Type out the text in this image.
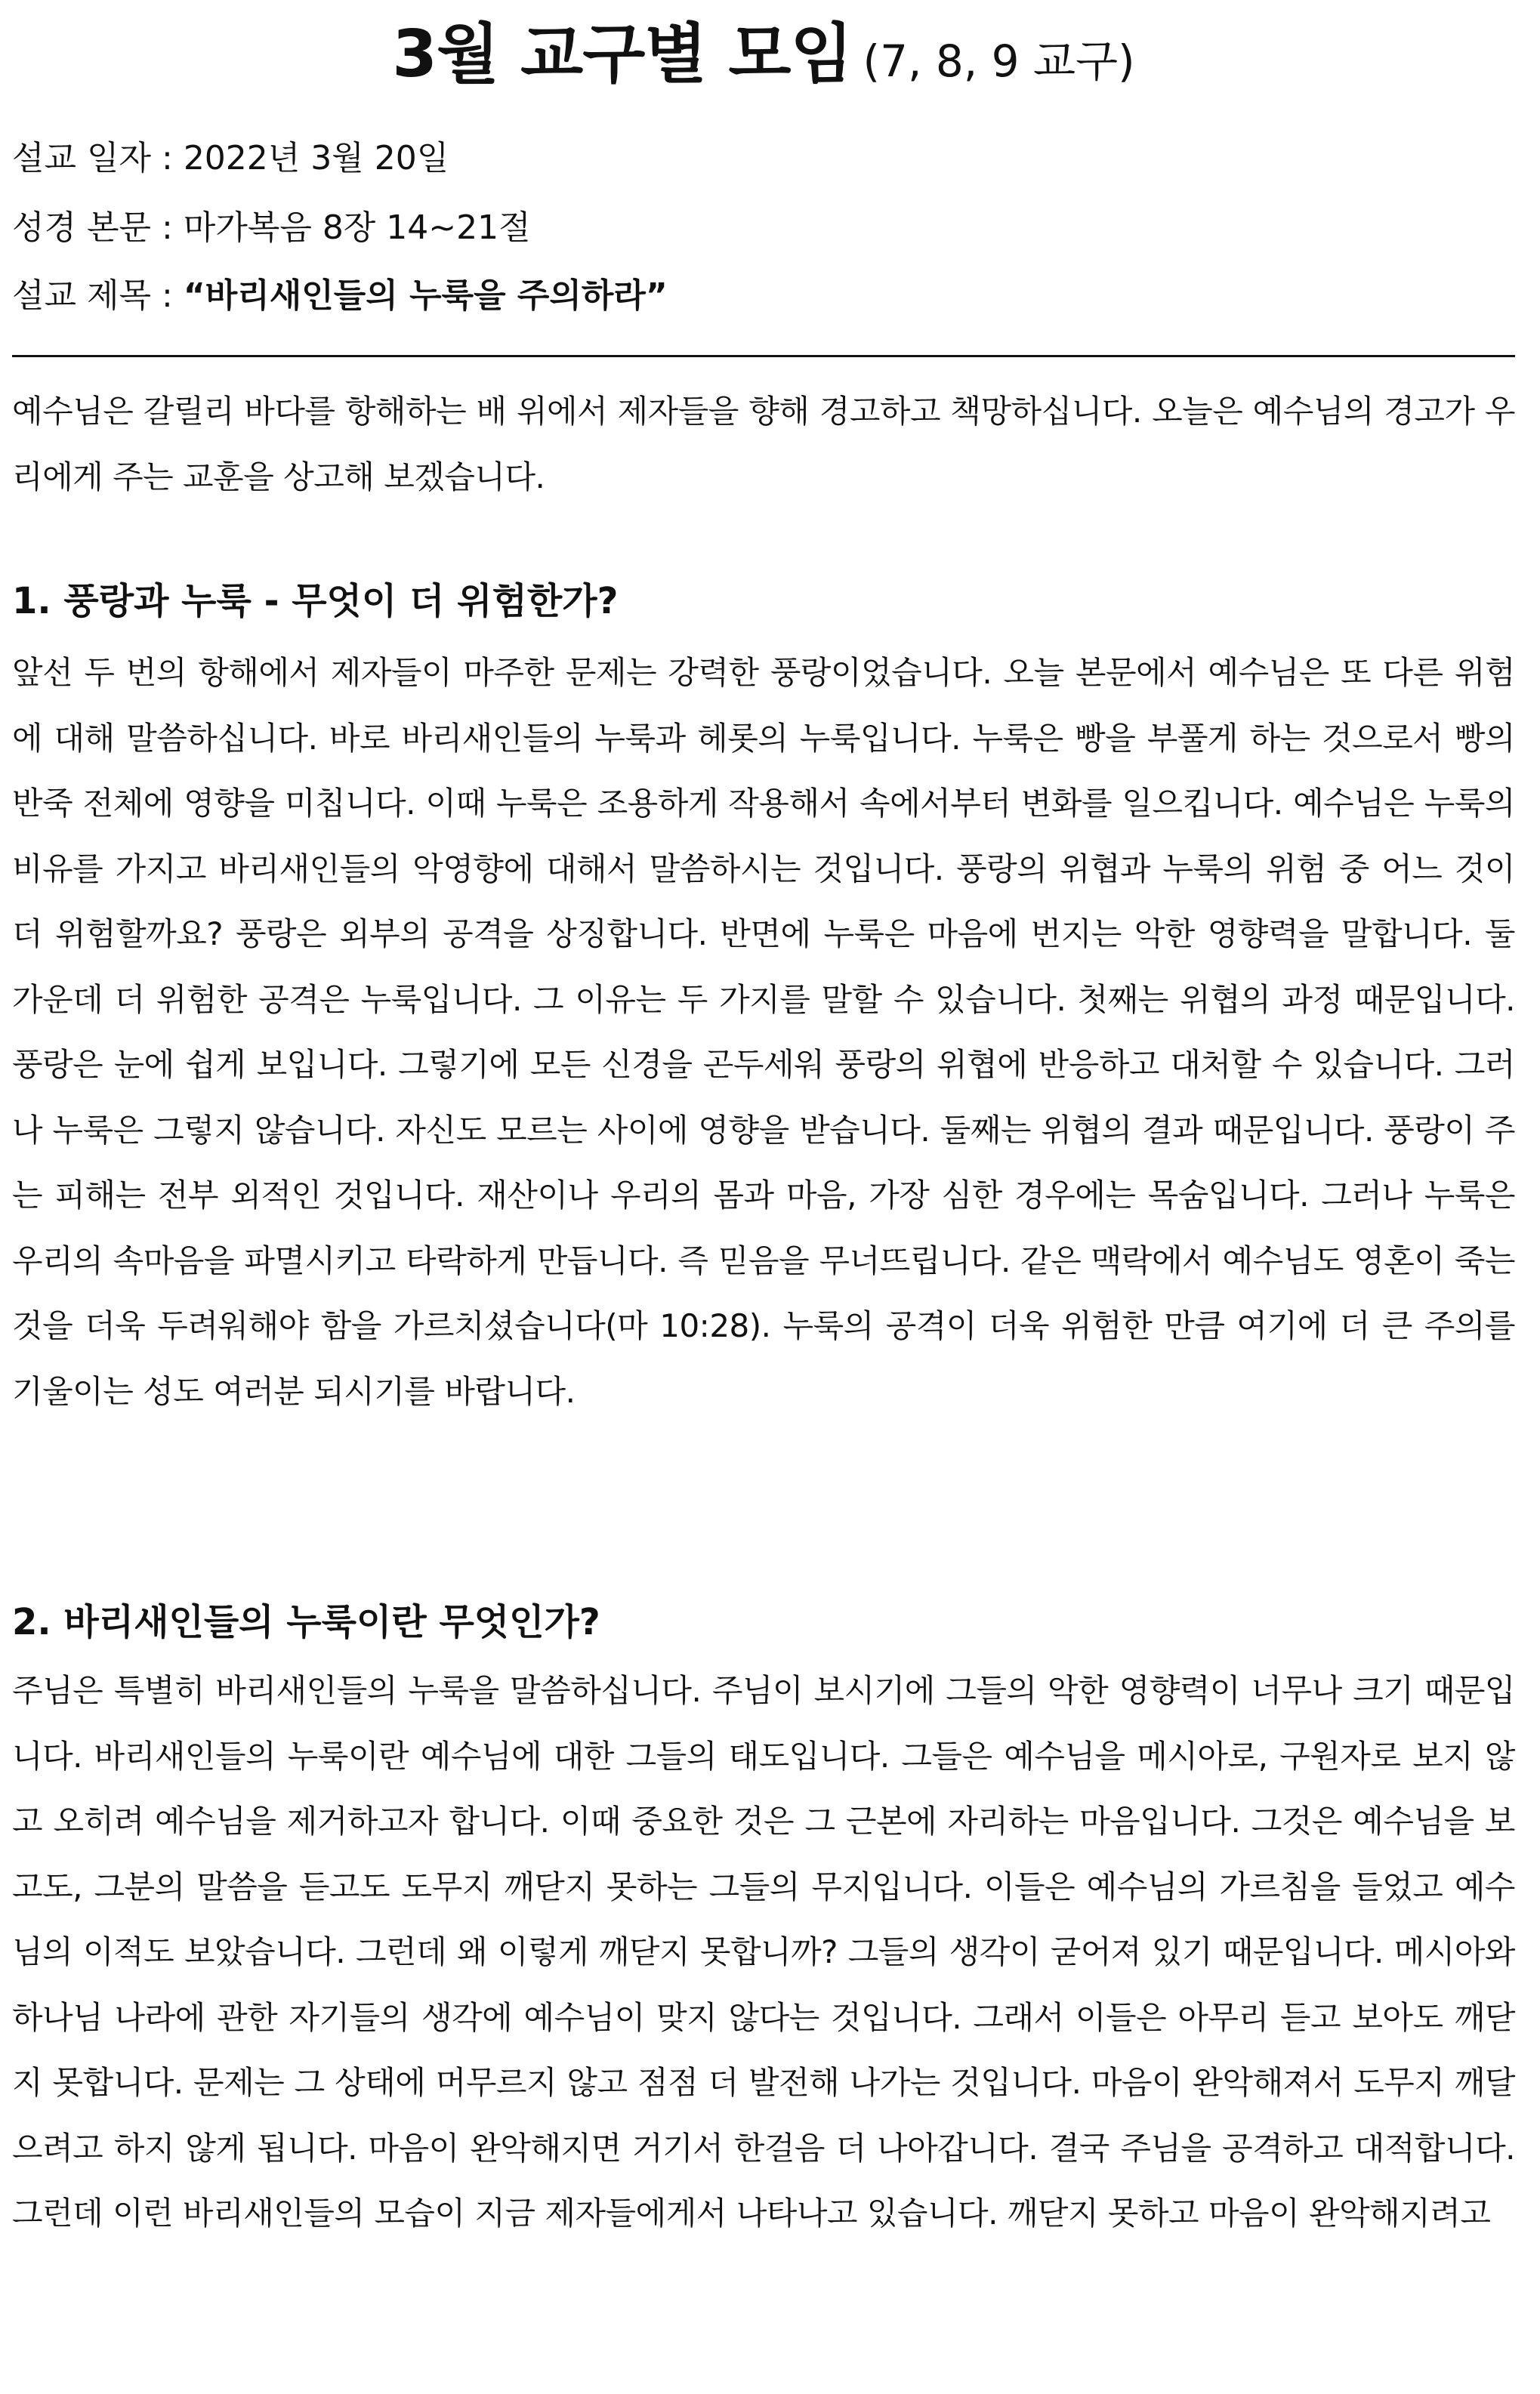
3월 교구별 모임 (7, 8, 9 교구)
설교 일자 : 2022년 3월 20일
성경 본문 : 마가복음 8장 14~21절
설교 제목 : “바리새인들의 누룩을 주의하라”

예수님은 갈릴리 바다를 항해하는 배 위에서 제자들을 향해 경고하고 책망하십니다. 오늘은 예수님의 경고가 우리에게 주는 교훈을 상고해 보겠습니다.

1. 풍랑과 누룩 - 무엇이 더 위험한가?

앞선 두 번의 항해에서 제자들이 마주한 문제는 강력한 풍랑이었습니다. 오늘 본문에서 예수님은 또 다른 위험에 대해 말씀하십니다. 바로 바리새인들의 누룩과 헤롯의 누룩입니다. 누룩은 빵을 부풀게 하는 것으로서 빵의 반죽 전체에 영향을 미칩니다. 이때 누룩은 조용하게 작용해서 속에서부터 변화를 일으킵니다. 예수님은 누룩의 비유를 가지고 바리새인들의 악영향에 대해서 말씀하시는 것입니다. 풍랑의 위협과 누룩의 위험 중 어느 것이 더 위험할까요? 풍랑은 외부의 공격을 상징합니다. 반면에 누룩은 마음에 번지는 악한 영향력을 말합니다. 둘 가운데 더 위험한 공격은 누룩입니다. 그 이유는 두 가지를 말할 수 있습니다. 첫째는 위협의 과정 때문입니다. 풍랑은 눈에 쉽게 보입니다. 그렇기에 모든 신경을 곤두세워 풍랑의 위협에 반응하고 대처할 수 있습니다. 그러나 누룩은 그렇지 않습니다. 자신도 모르는 사이에 영향을 받습니다. 둘째는 위협의 결과 때문입니다. 풍랑이 주는 피해는 전부 외적인 것입니다. 재산이나 우리의 몸과 마음, 가장 심한 경우에는 목숨입니다. 그러나 누룩은 우리의 속마음을 파멸시키고 타락하게 만듭니다. 즉 믿음을 무너뜨립니다. 같은 맥락에서 예수님도 영혼이 죽는 것을 더욱 두려워해야 함을 가르치셨습니다(마 10:28). 누룩의 공격이 더욱 위험한 만큼 여기에 더 큰 주의를 기울이는 성도 여러분 되시기를 바랍니다.

2. 바리새인들의 누룩이란 무엇인가?

주님은 특별히 바리새인들의 누룩을 말씀하십니다. 주님이 보시기에 그들의 악한 영향력이 너무나 크기 때문입니다. 바리새인들의 누룩이란 예수님에 대한 그들의 태도입니다. 그들은 예수님을 메시아로, 구원자로 보지 않고 오히려 예수님을 제거하고자 합니다. 이때 중요한 것은 그 근본에 자리하는 마음입니다. 그것은 예수님을 보고도, 그분의 말씀을 듣고도 도무지 깨닫지 못하는 그들의 무지입니다. 이들은 예수님의 가르침을 들었고 예수님의 이적도 보았습니다. 그런데 왜 이렇게 깨닫지 못합니까? 그들의 생각이 굳어져 있기 때문입니다. 메시아와 하나님 나라에 관한 자기들의 생각에 예수님이 맞지 않다는 것입니다. 그래서 이들은 아무리 듣고 보아도 깨닫지 못합니다. 문제는 그 상태에 머무르지 않고 점점 더 발전해 나가는 것입니다. 마음이 완악해져서 도무지 깨달으려고 하지 않게 됩니다. 마음이 완악해지면 거기서 한걸음 더 나아갑니다. 결국 주님을 공격하고 대적합니다. 그런데 이런 바리새인들의 모습이 지금 제자들에게서 나타나고 있습니다. 깨닫지 못하고 마음이 완악해지려고
